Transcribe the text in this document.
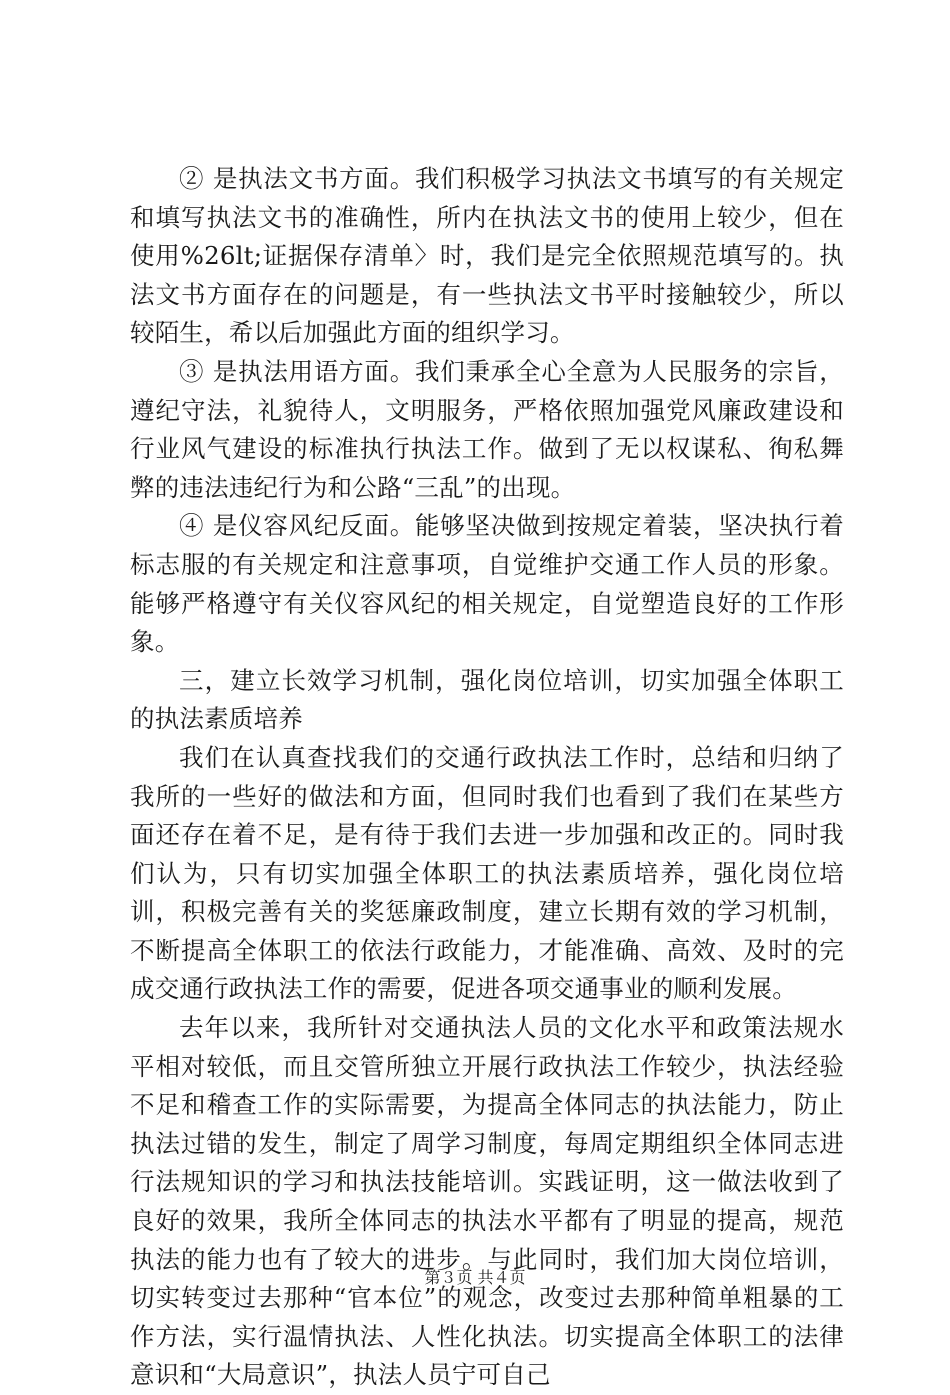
② 是执法文书方面。我们积极学习执法文书填写的有关规定和填写执法文书的准确性，所内在执法文书的使用上较少，但在使用%26lt;证据保存清单〉时，我们是完全依照规范填写的。执法文书方面存在的问题是，有一些执法文书平时接触较少，所以较陌生，希以后加强此方面的组织学习。

③ 是执法用语方面。我们秉承全心全意为人民服务的宗旨，遵纪守法，礼貌待人，文明服务，严格依照加强党风廉政建设和行业风气建设的标准执行执法工作。做到了无以权谋私、徇私舞弊的违法违纪行为和公路“三乱”的出现。

④ 是仪容风纪反面。能够坚决做到按规定着装，坚决执行着标志服的有关规定和注意事项，自觉维护交通工作人员的形象。能够严格遵守有关仪容风纪的相关规定，自觉塑造良好的工作形象。

三，建立长效学习机制，强化岗位培训，切实加强全体职工的执法素质培养

我们在认真查找我们的交通行政执法工作时，总结和归纳了我所的一些好的做法和方面，但同时我们也看到了我们在某些方面还存在着不足，是有待于我们去进一步加强和改正的。同时我们认为，只有切实加强全体职工的执法素质培养，强化岗位培训，积极完善有关的奖惩廉政制度，建立长期有效的学习机制，不断提高全体职工的依法行政能力，才能准确、高效、及时的完成交通行政执法工作的需要，促进各项交通事业的顺利发展。

去年以来，我所针对交通执法人员的文化水平和政策法规水平相对较低，而且交管所独立开展行政执法工作较少，执法经验不足和稽查工作的实际需要，为提高全体同志的执法能力，防止执法过错的发生，制定了周学习制度，每周定期组织全体同志进行法规知识的学习和执法技能培训。实践证明，这一做法收到了良好的效果，我所全体同志的执法水平都有了明显的提高，规范执法的能力也有了较大的进步。与此同时，我们加大岗位培训，切实转变过去那种“官本位”的观念，改变过去那种简单粗暴的工作方法，实行温情执法、人性化执法。切实提高全体职工的法律意识和“大局意识”，执法人员宁可自己

第３页 共４页
